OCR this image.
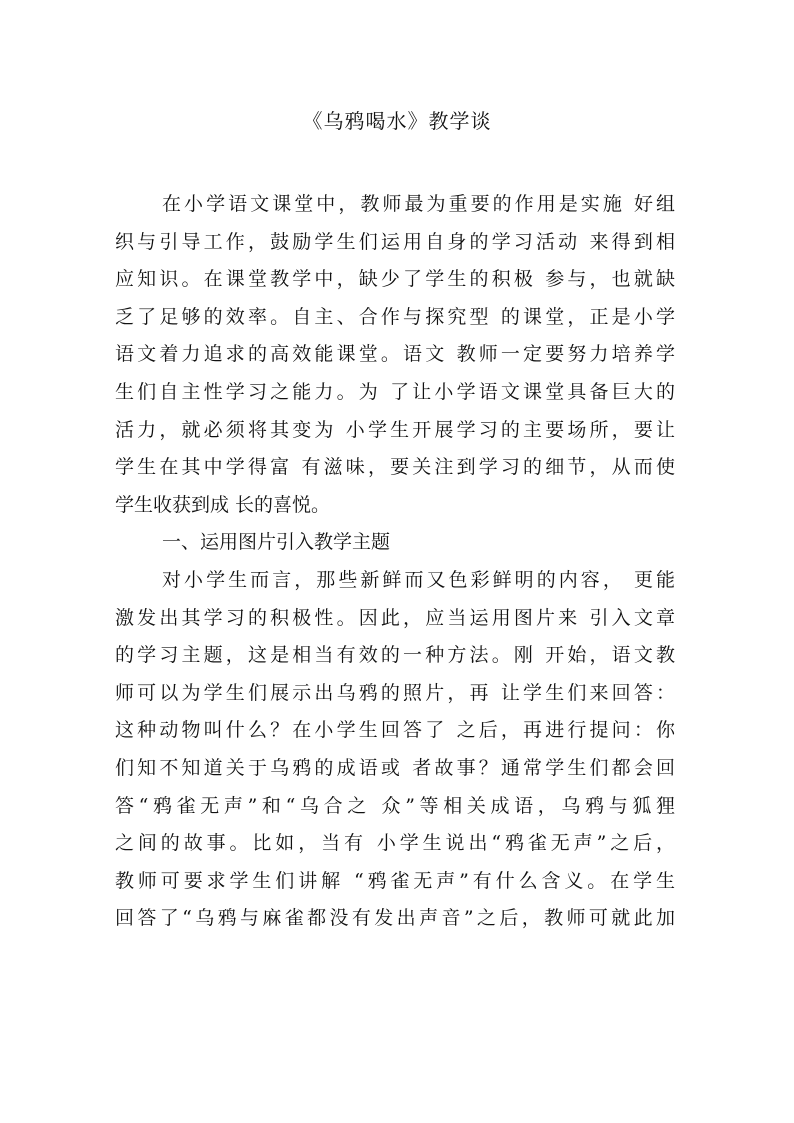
《乌鸦喝水》教学谈
在小学语文课堂中，教师最为重要的作用是实施 好组
织与引导工作，鼓励学生们运用自身的学习活动 来得到相
应知识。在课堂教学中，缺少了学生的积极 参与，也就缺
乏了足够的效率。自主、合作与探究型 的课堂，正是小学
语文着力追求的高效能课堂。语文 教师一定要努力培养学
生们自主性学习之能力。为 了让小学语文课堂具备巨大的
活力，就必须将其变为 小学生开展学习的主要场所，要让
学生在其中学得富 有滋味，要关注到学习的细节，从而使
学生收获到成 长的喜悦。
一、运用图片引入教学主题
对小学生而言，那些新鲜而又色彩鲜明的内容， 更能
激发出其学习的积极性。因此，应当运用图片来 引入文章
的学习主题，这是相当有效的一种方法。刚 开始，语文教
师可以为学生们展示出乌鸦的照片，再 让学生们来回答：
这种动物叫什么？在小学生回答了 之后，再进行提问：你
们知不知道关于乌鸦的成语或 者故事？通常学生们都会回
答“鸦雀无声”和“乌合之 众”等相关成语，乌鸦与狐狸
之间的故事。比如，当有 小学生说出“鸦雀无声”之后，
教师可要求学生们讲解 “鸦雀无声”有什么含义。在学生
回答了“乌鸦与麻雀都没有发出声音”之后，教师可就此加
